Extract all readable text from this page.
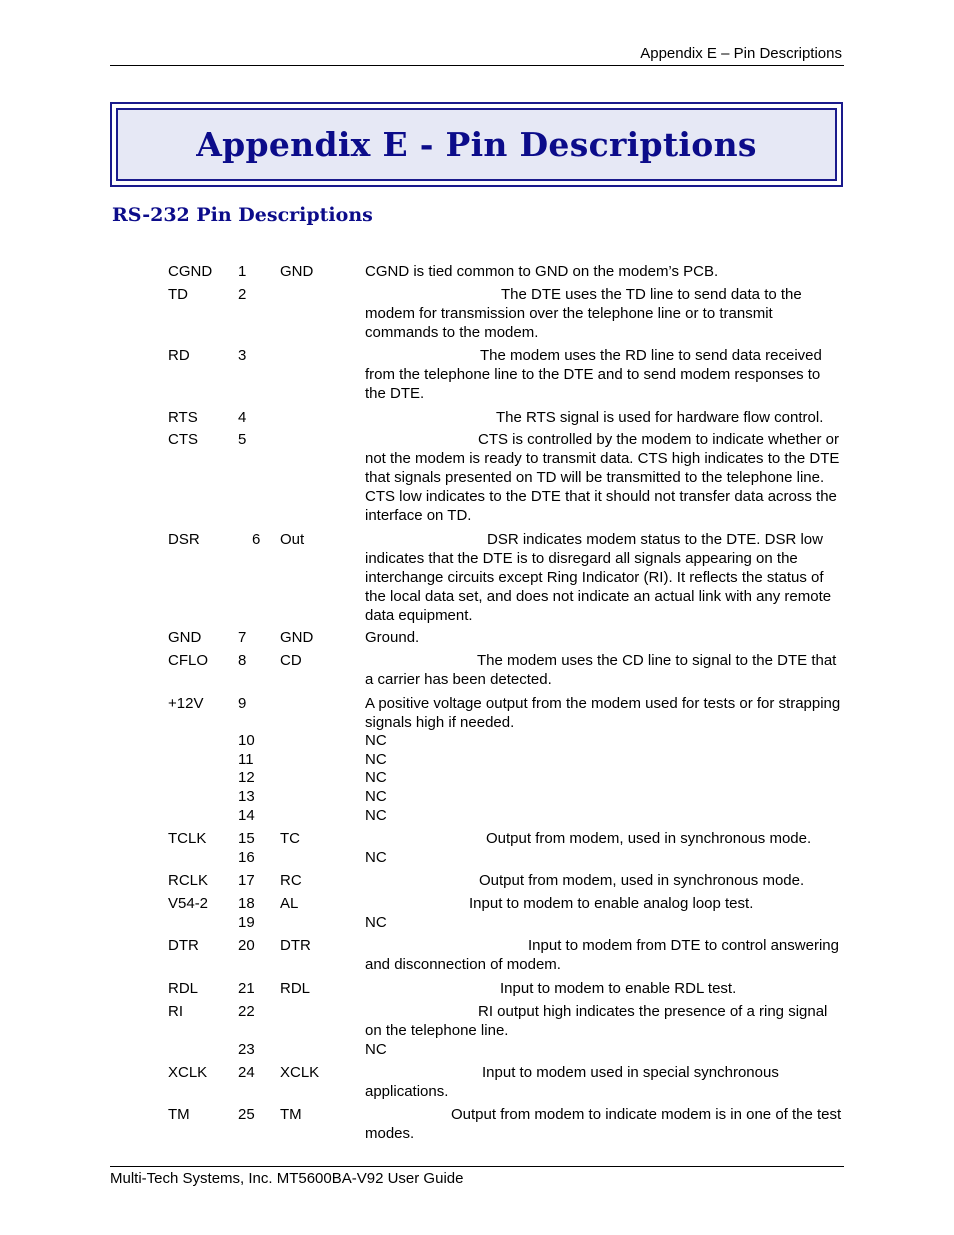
Appendix E – Pin Descriptions
Appendix E - Pin Descriptions
RS-232 Pin Descriptions
CGND 1 GND	CGND is tied common to GND on the modem’s PCB.
TD	2	The DTE uses the TD line to send data to the modem for transmission over the telephone line or to transmit commands to the modem.
RD	3	The modem uses the RD line to send data received from the telephone line to the DTE and to send modem responses to the DTE.
RTS	4	The RTS signal is used for hardware flow control.
CTS	5	CTS is controlled by the modem to indicate whether or not the modem is ready to transmit data. CTS high indicates to the DTE that signals presented on TD will be transmitted to the telephone line. CTS low indicates to the DTE that it should not transfer data across the interface on TD.
DSR	6 Out	DSR indicates modem status to the DTE. DSR low indicates that the DTE is to disregard all signals appearing on the interchange circuits except Ring Indicator (RI). It reflects the status of the local data set, and does not indicate an actual link with any remote data equipment.
GND 7 GND	Ground.
CFLO 8 CD	The modem uses the CD line to signal to the DTE that a carrier has been detected.
+12V 9	A positive voltage output from the modem used for tests or for strapping signals high if needed.
10	NC
11	NC
12	NC
13	NC
14	NC
TCLK 15 TC	Output from modem, used in synchronous mode.
16	NC
RCLK 17 RC	Output from modem, used in synchronous mode.
V54-2 18 AL	Input to modem to enable analog loop test.
19	NC
DTR	20 DTR	Input to modem from DTE to control answering and disconnection of modem.
RDL	21 RDL	Input to modem to enable RDL test.
RI	22	RI output high indicates the presence of a ring signal on the telephone line.
23	NC
XCLK 24 XCLK	Input to modem used in special synchronous applications.
TM	25 TM	Output from modem to indicate modem is in one of the test modes.
Multi-Tech Systems, Inc. MT5600BA-V92 User Guide
